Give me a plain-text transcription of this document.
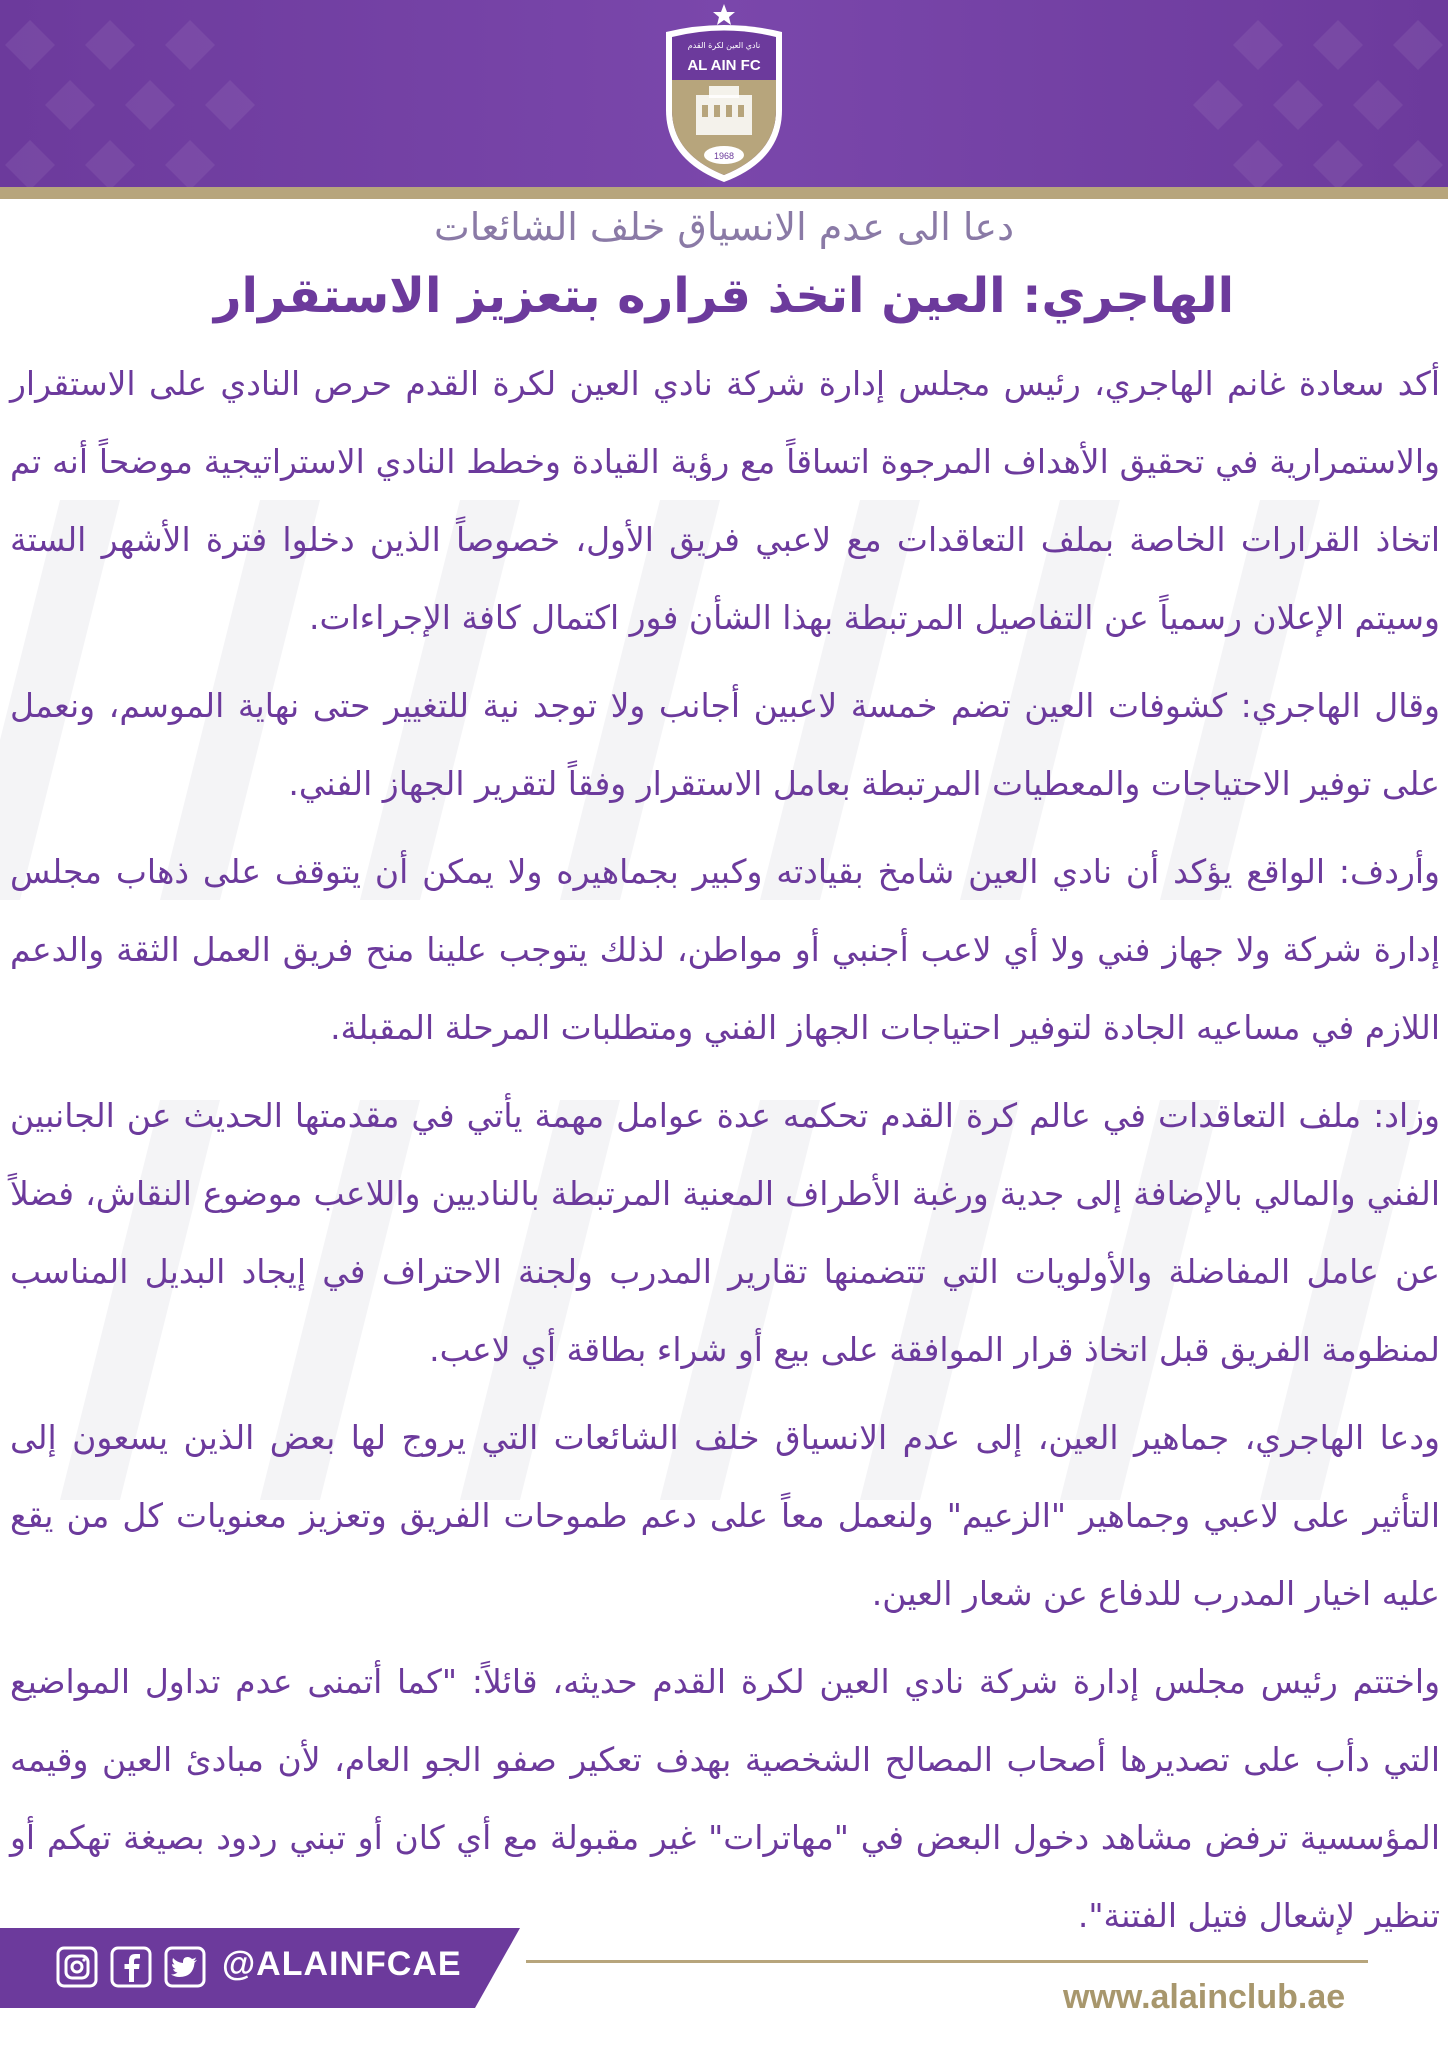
نادي العين لكرة القدم
AL AIN FC
1968
دعا الى عدم الانسياق خلف الشائعات
الهاجري: العين اتخذ قراره بتعزيز الاستقرار

أكد سعادة غانم الهاجري، رئيس مجلس إدارة شركة نادي العين لكرة القدم حرص النادي على الاستقرار والاستمرارية في تحقيق الأهداف المرجوة اتساقاً مع رؤية القيادة وخطط النادي الاستراتيجية موضحاً أنه تم اتخاذ القرارات الخاصة بملف التعاقدات مع لاعبي فريق الأول، خصوصاً الذين دخلوا فترة الأشهر الستة وسيتم الإعلان رسمياً عن التفاصيل المرتبطة بهذا الشأن فور اكتمال كافة الإجراءات.

وقال الهاجري: كشوفات العين تضم خمسة لاعبين أجانب ولا توجد نية للتغيير حتى نهاية الموسم، ونعمل على توفير الاحتياجات والمعطيات المرتبطة بعامل الاستقرار وفقاً لتقرير الجهاز الفني.

وأردف: الواقع يؤكد أن نادي العين شامخ بقيادته وكبير بجماهيره ولا يمكن أن يتوقف على ذهاب مجلس إدارة شركة ولا جهاز فني ولا أي لاعب أجنبي أو مواطن، لذلك يتوجب علينا منح فريق العمل الثقة والدعم اللازم في مساعيه الجادة لتوفير احتياجات الجهاز الفني ومتطلبات المرحلة المقبلة.

وزاد: ملف التعاقدات في عالم كرة القدم تحكمه عدة عوامل مهمة يأتي في مقدمتها الحديث عن الجانبين الفني والمالي بالإضافة إلى جدية ورغبة الأطراف المعنية المرتبطة بالناديين واللاعب موضوع النقاش، فضلاً عن عامل المفاضلة والأولويات التي تتضمنها تقارير المدرب ولجنة الاحتراف في إيجاد البديل المناسب لمنظومة الفريق قبل اتخاذ قرار الموافقة على بيع أو شراء بطاقة أي لاعب.

ودعا الهاجري، جماهير العين، إلى عدم الانسياق خلف الشائعات التي يروج لها بعض الذين يسعون إلى التأثير على لاعبي وجماهير "الزعيم" ولنعمل معاً على دعم طموحات الفريق وتعزيز معنويات كل من يقع عليه اخيار المدرب للدفاع عن شعار العين.

واختتم رئيس مجلس إدارة شركة نادي العين لكرة القدم حديثه، قائلاً: "كما أتمنى عدم تداول المواضيع التي دأب على تصديرها أصحاب المصالح الشخصية بهدف تعكير صفو الجو العام، لأن مبادئ العين وقيمه المؤسسية ترفض مشاهد دخول البعض في "مهاترات" غير مقبولة مع أي كان أو تبني ردود بصيغة تهكم أو تنظير لإشعال فتيل الفتنة".

@ALAINFCAE
www.alainclub.ae
